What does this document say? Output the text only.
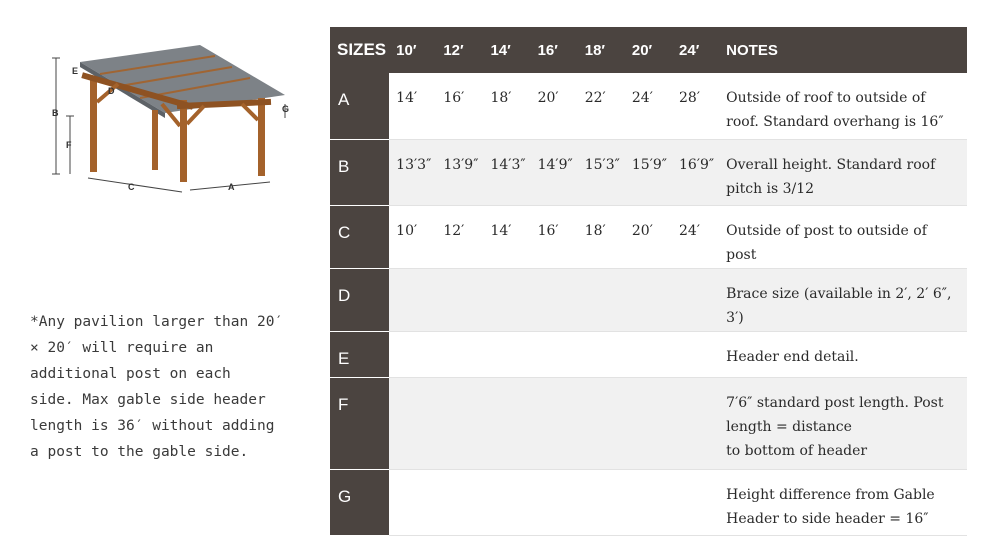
E
D
B
F
G
C	A
*Any pavilion larger than 20′
× 20′ will require an
additional post on each
side. Max gable side header
length is 36′ without adding
a post to the gable side.
SIZES	10′	12′	14′	16′	18′	20′	24′	NOTES
A	14′	16′	18′	20′	22′	24′	28′	Outside of roof to outside of roof. Standard overhang is 16″
B	13′3″	13′9″	14′3″	14′9″	15′3″	15′9″	16′9″	Overall height. Standard roof pitch is 3/12
C	10′	12′	14′	16′	18′	20′	24′	Outside of post to outside of post
D								Brace size (available in 2′, 2′ 6″, 3′)
E								Header end detail.
F								7′6″ standard post length. Post length = distance
to bottom of header
G								Height difference from Gable Header to side header = 16″
